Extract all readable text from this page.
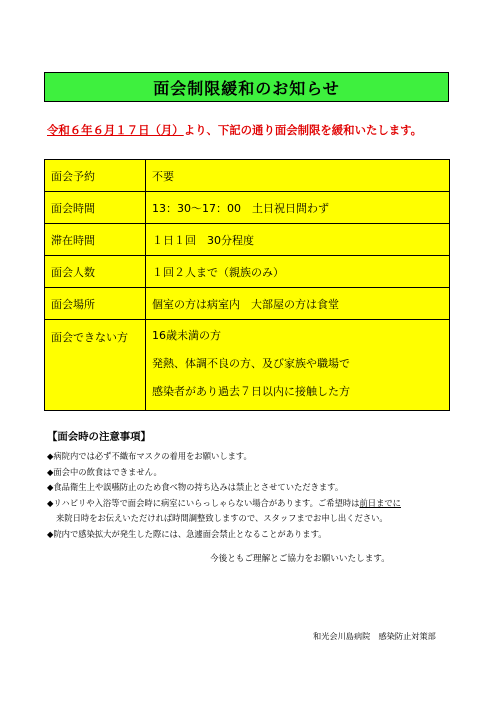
面会制限緩和のお知らせ
令和６年６月１７日（月）より、下記の通り面会制限を緩和いたします。
面会予約	不要
面会時間	13：30～17：00　土日祝日問わず
滞在時間	１日１回　30分程度
面会人数	１回２人まで（親族のみ）
面会場所	個室の方は病室内　大部屋の方は食堂
面会できない方	16歳未満の方
発熱、体調不良の方、及び家族や職場で
感染者があり過去７日以内に接触した方
【面会時の注意事項】
◆病院内では必ず不織布マスクの着用をお願いします。
◆面会中の飲食はできません。
◆食品衛生上や誤嚥防止のため食べ物の持ち込みは禁止とさせていただきます。
◆リハビリや入浴等で面会時に病室にいらっしゃらない場合があります。ご希望時は前日までに
来院日時をお伝えいただければ時間調整致しますので、スタッフまでお申し出ください。
◆院内で感染拡大が発生した際には、急遽面会禁止となることがあります。
今後ともご理解とご協力をお願いいたします。
和光会川島病院　感染防止対策部
